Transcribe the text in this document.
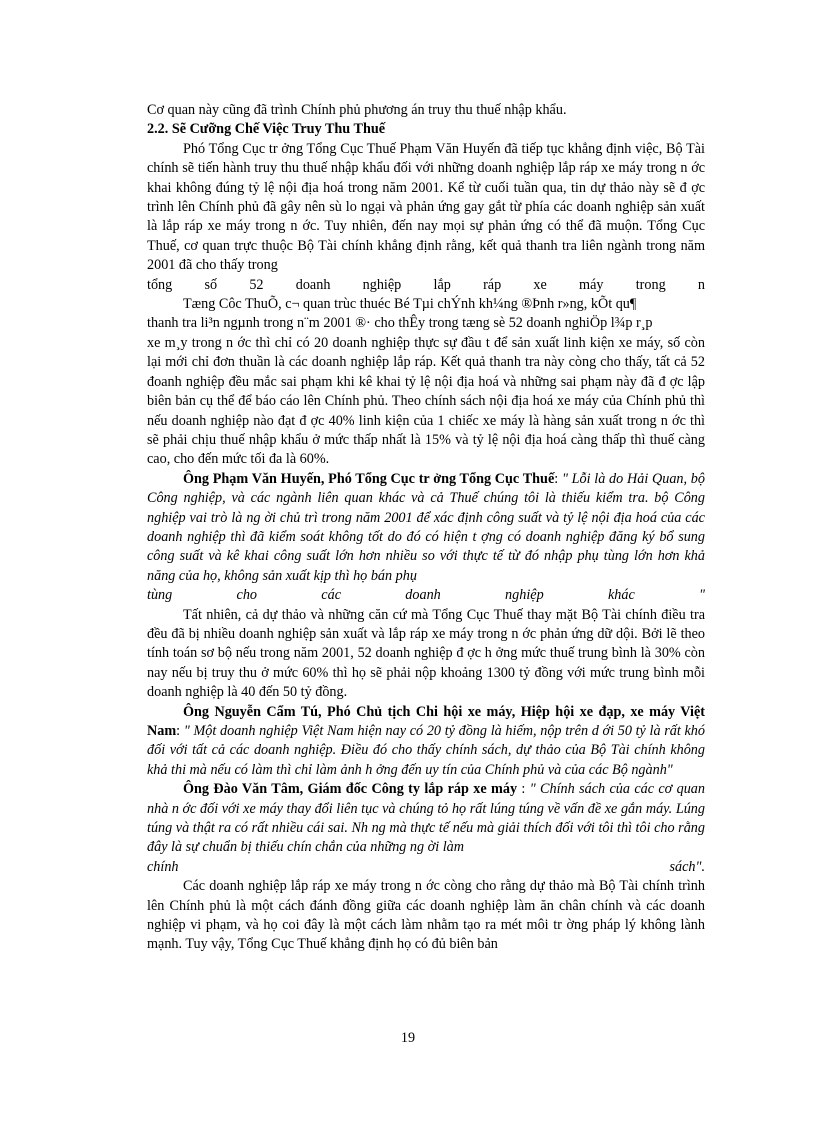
Cơ quan này cũng đã trình Chính phủ phương án truy thu thuế nhập khẩu.

2.2. Sẽ Cưỡng Chế Việc Truy Thu Thuế

Phó Tổng Cục tr ởng Tổng Cục Thuế Phạm Văn Huyến đã tiếp tục khẳng định việc, Bộ Tài chính sẽ tiến hành truy thu thuế nhập khẩu đối với những doanh nghiệp lắp ráp xe máy trong n ớc khai không đúng tỷ lệ nội địa hoá trong năm 2001. Kể từ cuối tuần qua, tin dự thảo này sẽ đ ợc trình lên Chính phủ đã gây nên sù lo ngại và phản ứng gay gắt từ phía các doanh nghiệp sản xuất là lắp ráp xe máy trong n ớc. Tuy nhiên, đến nay mọi sự phản ứng có thể đã muộn. Tổng Cục Thuế, cơ quan trực thuộc Bộ Tài chính khẳng định rằng, kết quả thanh tra liên ngành trong năm 2001 đã cho thấy trong

tổng số 52 doanh nghiệp lắp ráp xe máy trong n

Tæng Côc ThuÕ, c¬ quan trùc thuéc Bé Tµi chÝnh kh¼ng ®Þnh r»ng, kÕt qu¶

thanh tra li³n ngµnh trong n¨m 2001 ®· cho thÊy trong tæng sè 52 doanh nghiÖp l¾p r¸p

xe m¸y trong n ớc thì chỉ có 20 doanh nghiệp thực sự đầu t để sản xuất linh kiện xe máy, số còn lại mới chỉ đơn thuần là các doanh nghiệp lắp ráp. Kết quả thanh tra này còng cho thấy, tất cả 52 đoanh nghiệp đều mắc sai phạm khi kê khai tỷ lệ nội địa hoá và những sai phạm này đã đ ợc lập biên bản cụ thể để báo cáo lên Chính phủ. Theo chính sách nội địa hoá xe máy của Chính phủ thì nếu doanh nghiệp nào đạt đ ợc 40% linh kiện của 1 chiếc xe máy là hàng sản xuất trong n ớc thì sẽ phải chịu thuế nhập khẩu ở mức thấp nhất là 15% và tỷ lệ nội địa hoá càng thấp thì thuế càng cao, cho đến mức tối đa là 60%.

Ông Phạm Văn Huyến, Phó Tổng Cục tr ởng Tổng Cục Thuế: " Lỗi là do Hải Quan, bộ Công nghiệp, và các ngành liên quan khác và cả Thuế chúng tôi là thiếu kiểm tra. bộ Công nghiệp vai trò là ng ời chủ trì trong năm 2001 để xác định công suất và tỷ lệ nội địa hoá của các doanh nghiệp thì đã kiểm soát không tốt do đó có hiện t ợng có doanh nghiệp đăng ký bổ sung công suất và kê khai công suất lớn hơn nhiều so với thực tế từ đó nhập phụ tùng lớn hơn khả năng của họ, không sản xuất kịp thì họ bán phụ

tùng cho các doanh nghiệp khác "

Tất nhiên, cả dự thảo và những căn cứ mà Tổng Cục Thuế thay mặt Bộ Tài chính điều tra đều đã bị nhiều doanh nghiệp sản xuất và lắp ráp xe máy trong n ớc phản ứng dữ dội. Bởi lẽ theo tính toán sơ bộ nếu trong năm 2001, 52 doanh nghiệp đ ợc h ởng mức thuế trung bình là 30% còn nay nếu bị truy thu ở mức 60% thì họ sẽ phải nộp khoảng 1300 tỷ đồng với mức trung bình mỗi doanh nghiệp là 40 đến 50 tỷ đồng.

Ông Nguyễn Cẩm Tú, Phó Chủ tịch Chi hội xe máy, Hiệp hội xe đạp, xe máy Việt Nam: " Một doanh nghiệp Việt Nam hiện nay có 20 tỷ đồng là hiếm, nộp trên d ới 50 tỷ là rất khó đối với tất cả các doanh nghiệp. Điều đó cho thấy chính sách, dự thảo của Bộ Tài chính không khả thi mà nếu có làm thì chỉ làm ảnh h ởng đến uy tín của Chính phủ và của các Bộ ngành"

Ông Đào Văn Tâm, Giám đốc Công ty lắp ráp xe máy : " Chính sách của các cơ quan nhà n ớc đối với xe máy thay đổi liên tục và chúng tỏ họ rất lúng túng về vấn đề xe gắn máy. Lúng túng và thật ra có rất nhiều cái sai. Nh ng mà thực tế nếu mà giải thích đối với tôi thì tôi cho rằng đây là sự chuẩn bị thiếu chín chắn của những ng ời làm

chính sách".

Các doanh nghiệp lắp ráp xe máy trong n ớc còng cho rằng dự thảo mà Bộ Tài chính trình lên Chính phủ là một cách đánh đồng giữa các doanh nghiệp làm ăn chân chính và các doanh nghiệp vi phạm, và họ coi đây là một cách làm nhằm tạo ra mét môi tr ờng pháp lý không lành mạnh. Tuy vậy, Tổng Cục Thuế khẳng định họ có đủ biên bản

19
